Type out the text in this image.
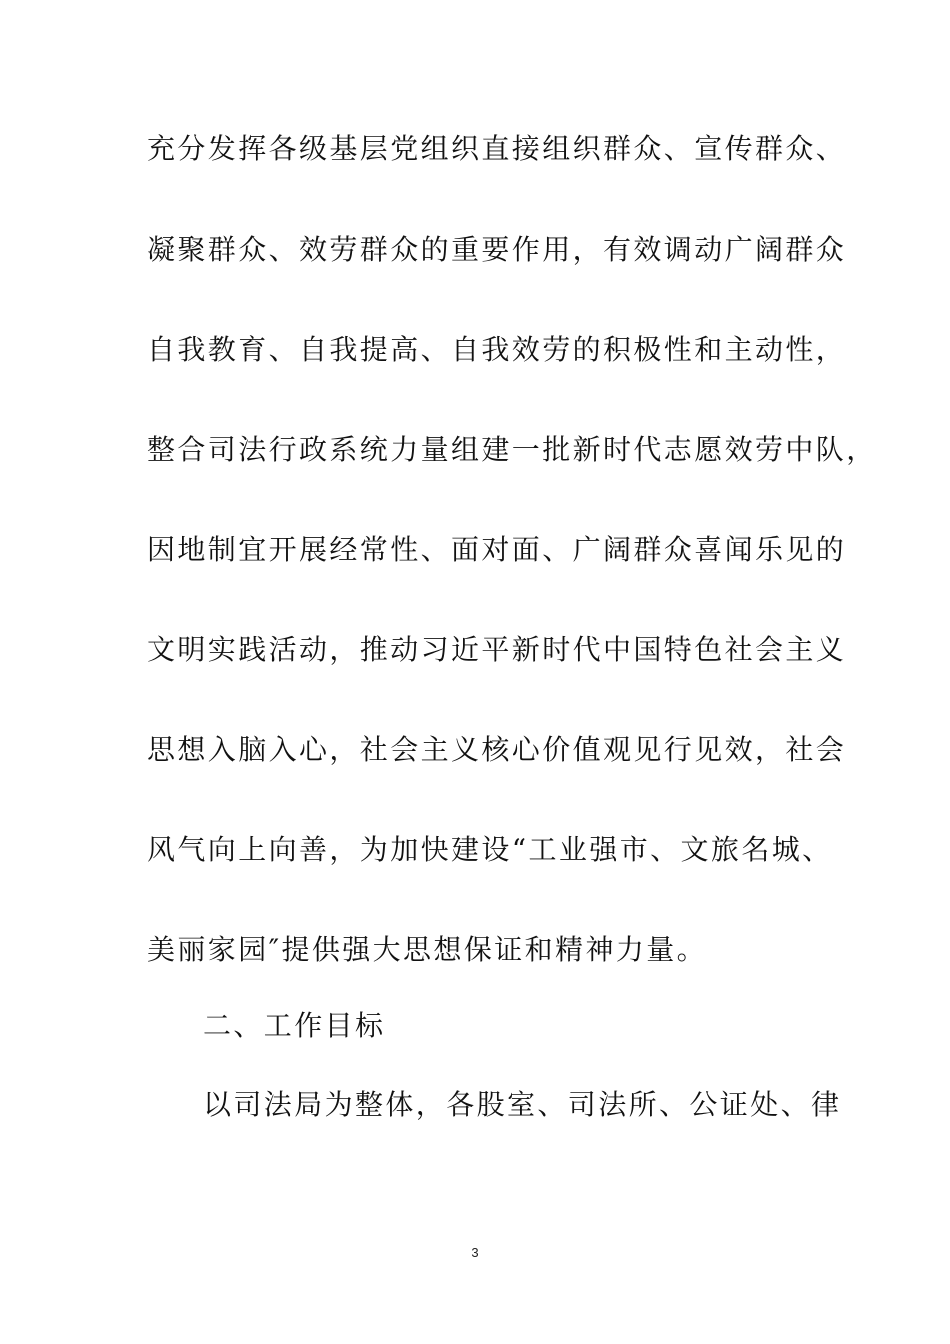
充分发挥各级基层党组织直接组织群众、宣传群众、
凝聚群众、效劳群众的重要作用，有效调动广阔群众
自我教育、自我提高、自我效劳的积极性和主动性，
整合司法行政系统力量组建一批新时代志愿效劳中队，
因地制宜开展经常性、面对面、广阔群众喜闻乐见的
文明实践活动，推动习近平新时代中国特色社会主义
思想入脑入心，社会主义核心价值观见行见效，社会
风气向上向善，为加快建设“工业强市、文旅名城、
美丽家园″提供强大思想保证和精神力量。
二、工作目标
以司法局为整体，各股室、司法所、公证处、律
3
